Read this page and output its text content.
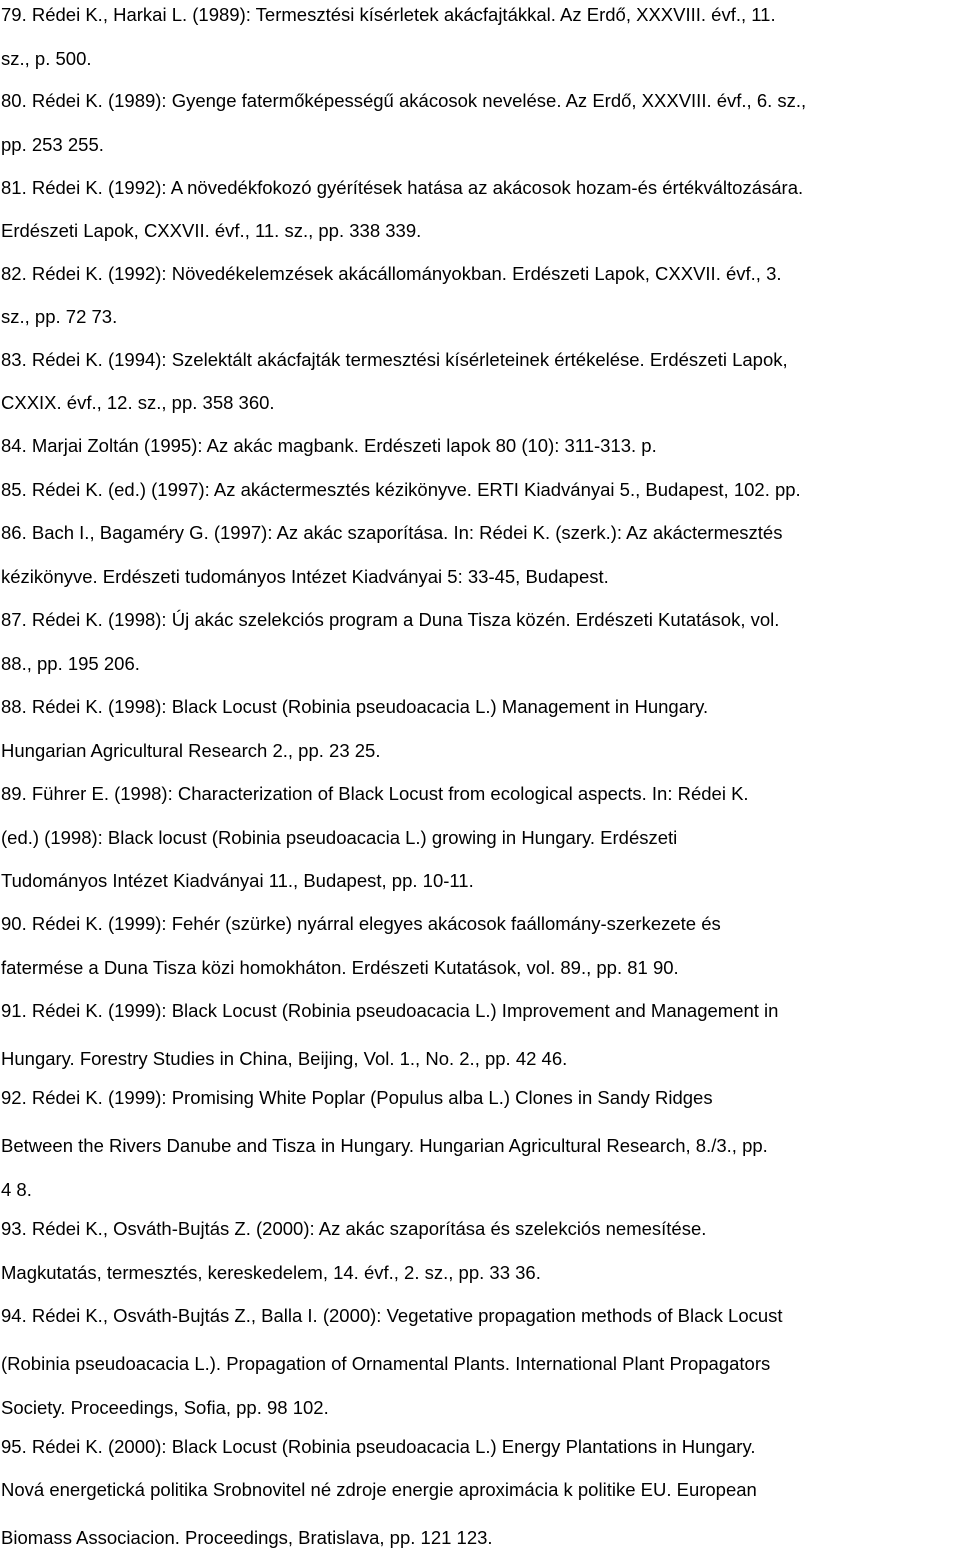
79. Rédei K., Harkai L. (1989): Termesztési kísérletek akácfajtákkal. Az Erdő, XXXVIII. évf., 11.
sz., p. 500.
80. Rédei K. (1989): Gyenge fatermőképességű akácosok nevelése. Az Erdő, XXXVIII. évf., 6. sz.,
pp. 253 255.
81. Rédei K. (1992): A növedékfokozó gyérítések hatása az akácosok hozam-és értékváltozására.
Erdészeti Lapok, CXXVII. évf., 11. sz., pp. 338 339.
82. Rédei K. (1992): Növedékelemzések akácállományokban. Erdészeti Lapok, CXXVII. évf., 3.
sz., pp. 72 73.
83. Rédei K. (1994): Szelektált akácfajták termesztési kísérleteinek értékelése. Erdészeti Lapok,
CXXIX. évf., 12. sz., pp. 358 360.
84. Marjai Zoltán (1995): Az akác magbank. Erdészeti lapok 80 (10): 311-313. p.
85. Rédei K. (ed.) (1997): Az akáctermesztés kézikönyve. ERTI Kiadványai 5., Budapest, 102. pp.
86. Bach I., Bagaméry G. (1997): Az akác szaporítása. In: Rédei K. (szerk.): Az akáctermesztés
kézikönyve. Erdészeti tudományos Intézet Kiadványai 5: 33-45, Budapest.
87. Rédei K. (1998): Új akác szelekciós program a Duna Tisza közén. Erdészeti Kutatások, vol.
88., pp. 195 206.
88. Rédei K. (1998): Black Locust (Robinia pseudoacacia L.) Management in Hungary.
Hungarian Agricultural Research 2., pp. 23 25.
89. Führer E. (1998): Characterization of Black Locust from ecological aspects. In: Rédei K.
(ed.) (1998): Black locust (Robinia pseudoacacia L.) growing in Hungary. Erdészeti
Tudományos Intézet Kiadványai 11., Budapest, pp. 10-11.
90. Rédei K. (1999): Fehér (szürke) nyárral elegyes akácosok faállomány-szerkezete és
fatermése a Duna Tisza közi homokháton. Erdészeti Kutatások, vol. 89., pp. 81 90.
91. Rédei K. (1999): Black Locust (Robinia pseudoacacia L.) Improvement and Management in
Hungary. Forestry Studies in China, Beijing, Vol. 1., No. 2., pp. 42 46.
92. Rédei K. (1999): Promising White Poplar (Populus alba L.) Clones in Sandy Ridges
Between the Rivers Danube and Tisza in Hungary. Hungarian Agricultural Research, 8./3., pp.
4 8.
93. Rédei K., Osváth-Bujtás Z. (2000): Az akác szaporítása és szelekciós nemesítése.
Magkutatás, termesztés, kereskedelem, 14. évf., 2. sz., pp. 33 36.
94. Rédei K., Osváth-Bujtás Z., Balla I. (2000): Vegetative propagation methods of Black Locust
(Robinia pseudoacacia L.). Propagation of Ornamental Plants. International Plant Propagators
Society. Proceedings, Sofia, pp. 98 102.
95. Rédei K. (2000): Black Locust (Robinia pseudoacacia L.) Energy Plantations in Hungary.
Nová energetická politika Srobnovitel né zdroje energie aproximácia k politike EU. European
Biomass Associacion. Proceedings, Bratislava, pp. 121 123.
